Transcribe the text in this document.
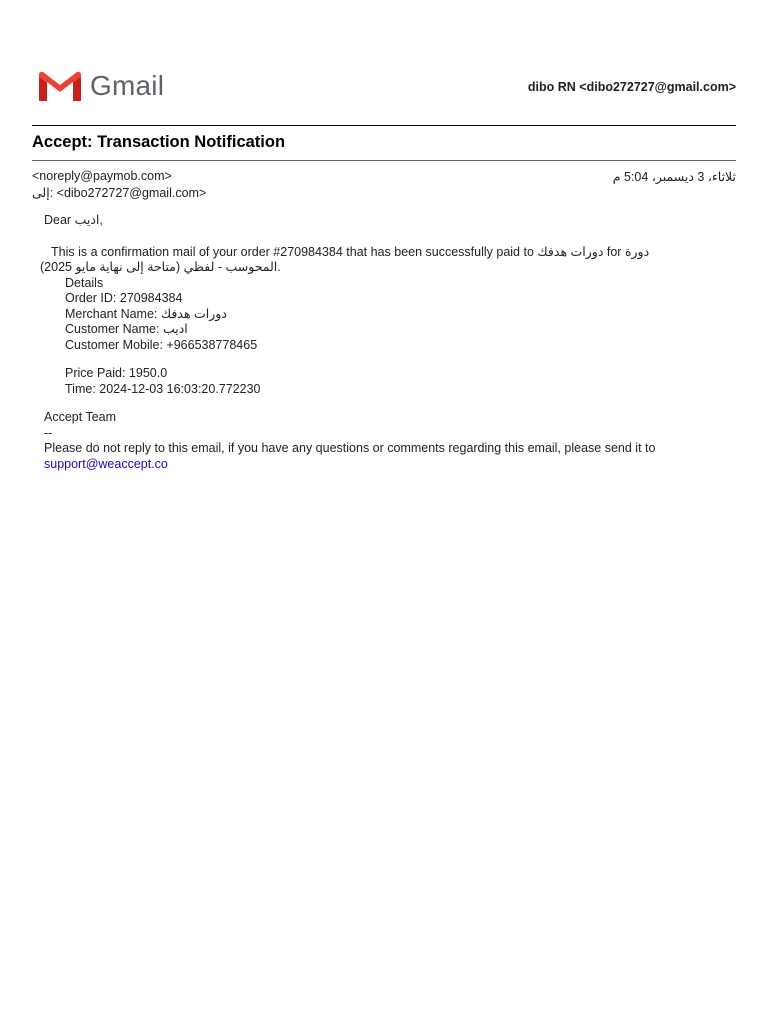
Gmail	dibo RN <dibo272727@gmail.com>
Accept: Transaction Notification
<noreply@paymob.com>	ثلاثاء، 3 ديسمبر، 5:04 م
إلى: <dibo272727@gmail.com>

Dear اديب,

This is a confirmation mail of your order #270984384 that has been successfully paid to دورات هدفك for دورة

المحوسب - لفظي (متاحة إلى نهاية مايو 2025).

Details

Order ID: 270984384

Merchant Name: دورات هدفك

Customer Name: اديب

Customer Mobile: +966538778465

Price Paid: 1950.0

Time: 2024-12-03 16:03:20.772230

Accept Team

--

Please do not reply to this email, if you have any questions or comments regarding this email, please send it to

support@weaccept.co
